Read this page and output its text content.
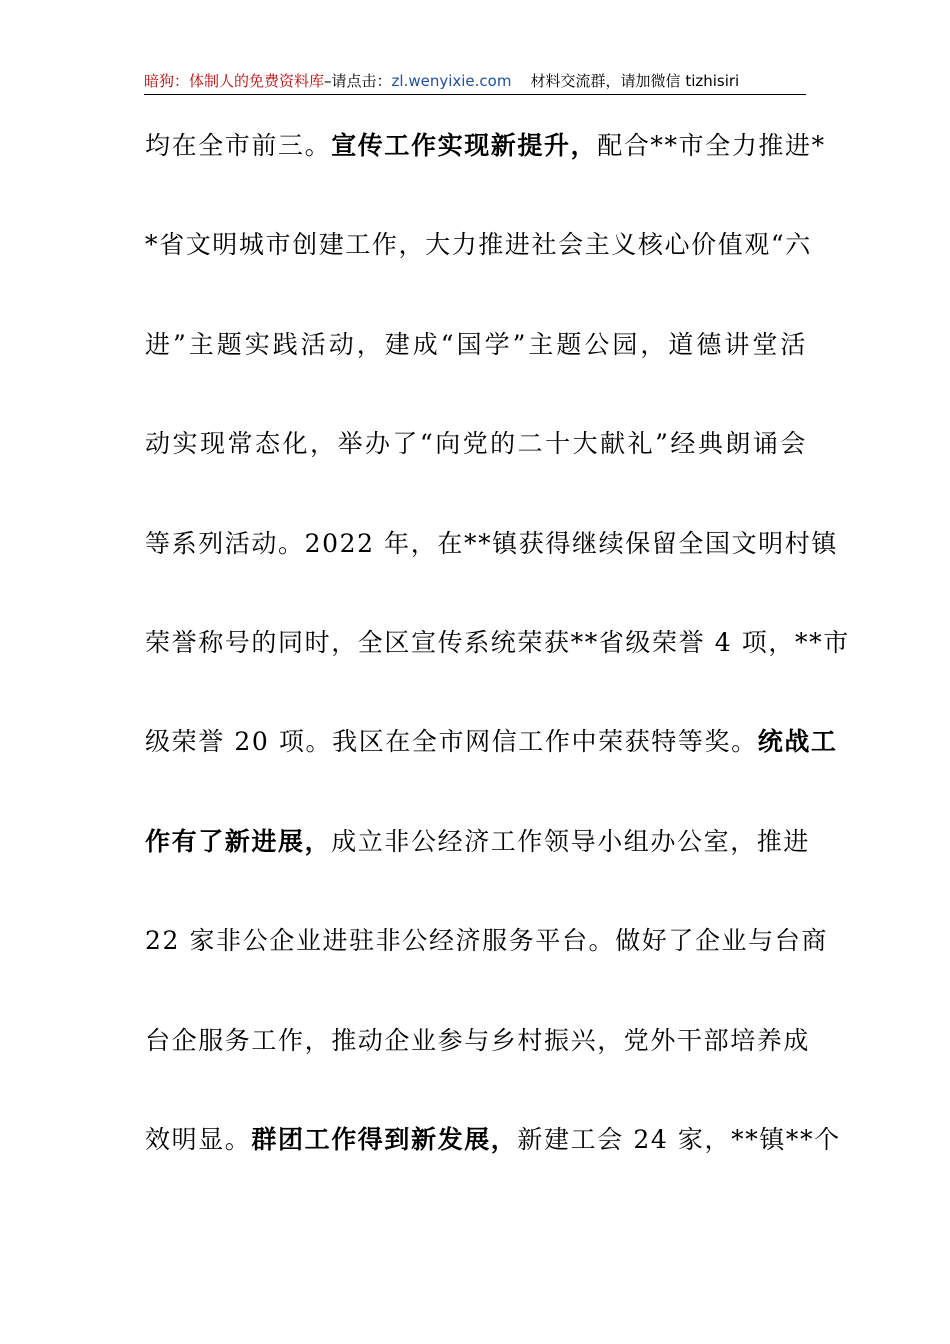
暗狗：体制人的免费资料库–请点击：zl.wenyixie.com 材料交流群，请加微信 tizhisiri
均在全市前三。宣传工作实现新提升，配合**市全力推进*
*省文明城市创建工作，大力推进社会主义核心价值观“六
进”主题实践活动，建成“国学”主题公园，道德讲堂活
动实现常态化，举办了“向党的二十大献礼”经典朗诵会
等系列活动。2022 年，在**镇获得继续保留全国文明村镇
荣誉称号的同时，全区宣传系统荣获**省级荣誉 4 项，**市
级荣誉 20 项。我区在全市网信工作中荣获特等奖。统战工
作有了新进展，成立非公经济工作领导小组办公室，推进
22 家非公企业进驻非公经济服务平台。做好了企业与台商
台企服务工作，推动企业参与乡村振兴，党外干部培养成
效明显。群团工作得到新发展，新建工会 24 家，**镇**个
